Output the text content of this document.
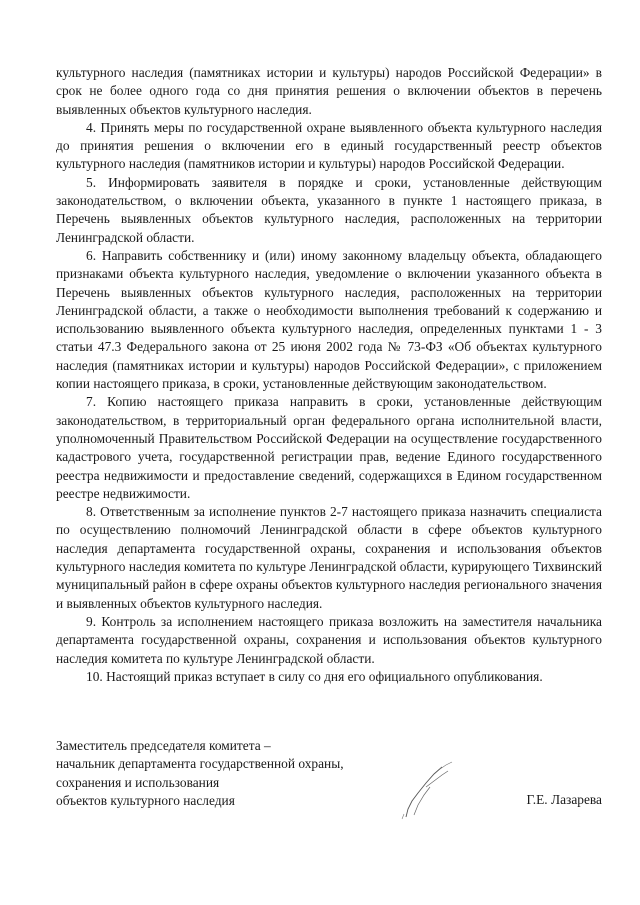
культурного наследия (памятниках истории и культуры) народов Российской Федерации» в срок не более одного года со дня принятия решения о включении объектов в перечень выявленных объектов культурного наследия.

4. Принять меры по государственной охране выявленного объекта культурного наследия до принятия решения о включении его в единый государственный реестр объектов культурного наследия (памятников истории и культуры) народов Российской Федерации.

5. Информировать заявителя в порядке и сроки, установленные действующим законодательством, о включении объекта, указанного в пункте 1 настоящего приказа, в Перечень выявленных объектов культурного наследия, расположенных на территории Ленинградской области.

6. Направить собственнику и (или) иному законному владельцу объекта, обладающего признаками объекта культурного наследия, уведомление о включении указанного объекта в Перечень выявленных объектов культурного наследия, расположенных на территории Ленинградской области, а также о необходимости выполнения требований к содержанию и использованию выявленного объекта культурного наследия, определенных пунктами 1 - 3 статьи 47.3 Федерального закона от 25 июня 2002 года № 73-ФЗ «Об объектах культурного наследия (памятниках истории и культуры) народов Российской Федерации», с приложением копии настоящего приказа, в сроки, установленные действующим законодательством.

7. Копию настоящего приказа направить в сроки, установленные действующим законодательством, в территориальный орган федерального органа исполнительной власти, уполномоченный Правительством Российской Федерации на осуществление государственного кадастрового учета, государственной регистрации прав, ведение Единого государственного реестра недвижимости и предоставление сведений, содержащихся в Едином государственном реестре недвижимости.

8. Ответственным за исполнение пунктов 2-7 настоящего приказа назначить специалиста по осуществлению полномочий Ленинградской области в сфере объектов культурного наследия департамента государственной охраны, сохранения и использования объектов культурного наследия комитета по культуре Ленинградской области, курирующего Тихвинский муниципальный район в сфере охраны объектов культурного наследия регионального значения и выявленных объектов культурного наследия.

9. Контроль за исполнением настоящего приказа возложить на заместителя начальника департамента государственной охраны, сохранения и использования объектов культурного наследия комитета по культуре Ленинградской области.

10. Настоящий приказ вступает в силу со дня его официального опубликования.

Заместитель председателя комитета –
начальник департамента государственной охраны,
сохранения и использования
объектов культурного наследия	Г.Е. Лазарева
